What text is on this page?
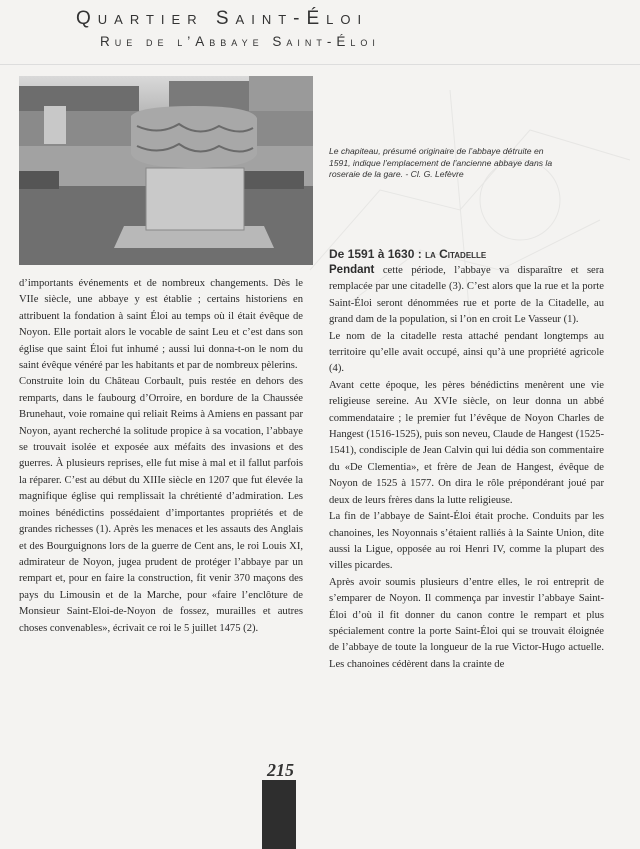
Quartier Saint-Éloi
Rue de l’Abbaye Saint-Éloi
Le chapiteau, présumé originaire de l’abbaye détruite en 1591, indique l’emplacement de l’ancienne abbaye dans la roseraie de la gare. - Cl. G. Lefèvre

d’importants événements et de nombreux changements. Dès le VIIe siècle, une abbaye y est établie ; certains historiens en attribuent la fondation à saint Éloi au temps où il était évêque de Noyon. Elle portait alors le vocable de saint Leu et c’est dans son église que saint Éloi fut inhumé ; aussi lui donna-t-on le nom du saint évêque vénéré par les habitants et par de nombreux pèlerins.

Construite loin du Château Corbault, puis restée en dehors des remparts, dans le faubourg d’Orroire, en bordure de la Chaussée Brunehaut, voie romaine qui reliait Reims à Amiens en passant par Noyon, ayant recherché la solitude propice à sa vocation, l’abbaye se trouvait isolée et exposée aux méfaits des invasions et des guerres. À plusieurs reprises, elle fut mise à mal et il fallut parfois la réparer. C’est au début du XIIIe siècle en 1207 que fut élevée la magnifique église qui remplissait la chrétienté d’admiration. Les moines bénédictins possédaient d’importantes propriétés et de grandes richesses (1). Après les menaces et les assauts des Anglais et des Bourguignons lors de la guerre de Cent ans, le roi Louis XI, admirateur de Noyon, jugea prudent de protéger l’abbaye par un rempart et, pour en faire la construction, fit venir 370 maçons des pays du Limousin et de la Marche, pour «faire l’enclôture de Monsieur Saint-Eloi-de-Noyon de fossez, murailles et autres choses convenables», écrivait ce roi le 5 juillet 1475 (2).

De 1591 à 1630 : la Citadelle

Pendant cette période, l’abbaye va disparaître et sera remplacée par une citadelle (3). C’est alors que la rue et la porte Saint-Éloi seront dénommées rue et porte de la Citadelle, au grand dam de la population, si l’on en croit Le Vasseur (1).

Le nom de la citadelle resta attaché pendant longtemps au territoire qu’elle avait occupé, ainsi qu’à une propriété agricole (4).

Avant cette époque, les pères bénédictins menèrent une vie religieuse sereine. Au XVIe siècle, on leur donna un abbé commendataire ; le premier fut l’évêque de Noyon Charles de Hangest (1516-1525), puis son neveu, Claude de Hangest (1525-1541), condisciple de Jean Calvin qui lui dédia son commentaire du «De Clementia», et frère de Jean de Hangest, évêque de Noyon de 1525 à 1577. On dira le rôle prépondérant joué par deux de leurs frères dans la lutte religieuse.

La fin de l’abbaye de Saint-Éloi était proche. Conduits par les chanoines, les Noyonnais s’étaient ralliés à la Sainte Union, dite aussi la Ligue, opposée au roi Henri IV, comme la plupart des villes picardes.

Après avoir soumis plusieurs d’entre elles, le roi entreprit de s’emparer de Noyon. Il commença par investir l’abbaye Saint-Éloi d’où il fit donner du canon contre le rempart et plus spécialement contre la porte Saint-Éloi qui se trouvait éloignée de l’abbaye de toute la longueur de la rue Victor-Hugo actuelle. Les chanoines cédèrent dans la crainte de

215
